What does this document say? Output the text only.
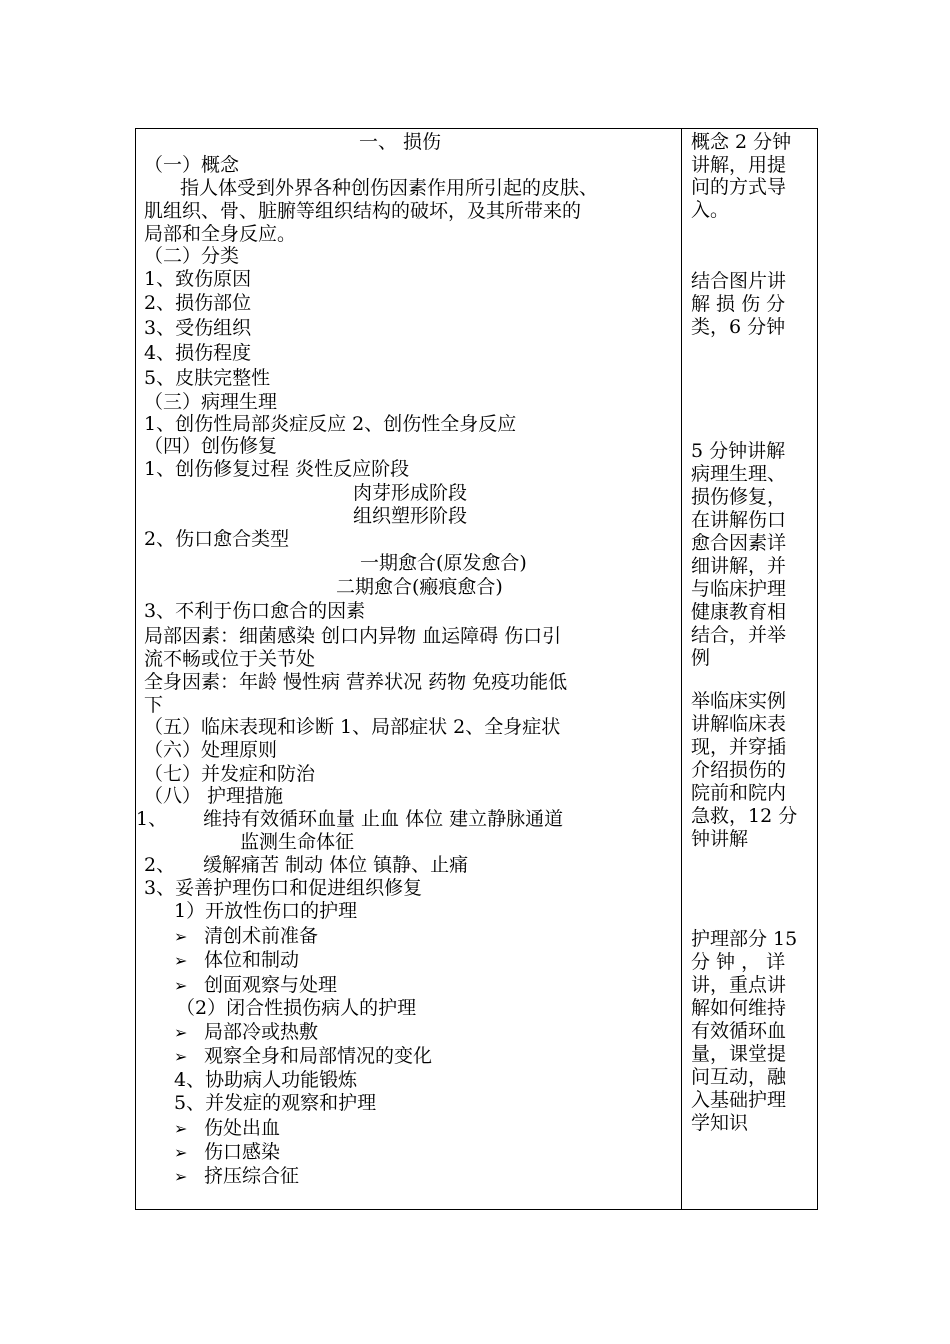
一、 损伤
（一）概念
指人体受到外界各种创伤因素作用所引起的皮肤、
肌组织、骨、脏腑等组织结构的破坏，及其所带来的
局部和全身反应。
（二）分类
1、致伤原因
2、损伤部位
3、受伤组织
4、损伤程度
5、皮肤完整性
（三）病理生理
1、创伤性局部炎症反应 2、创伤性全身反应
（四）创伤修复
1、创伤修复过程 炎性反应阶段
肉芽形成阶段
组织塑形阶段
2、伤口愈合类型
一期愈合(原发愈合)
二期愈合(瘢痕愈合)
3、不利于伤口愈合的因素
局部因素：细菌感染 创口内异物 血运障碍 伤口引
流不畅或位于关节处
全身因素：年龄 慢性病 营养状况 药物 免疫功能低
下
（五）临床表现和诊断 1、局部症状 2、全身症状
（六）处理原则
（七）并发症和防治
（八） 护理措施
1、 维持有效循环血量 止血 体位 建立静脉通道
监测生命体征
2、 缓解痛苦 制动 体位 镇静、止痛
3、妥善护理伤口和促进组织修复
1）开放性伤口的护理
➢ 清创术前准备
➢ 体位和制动
➢ 创面观察与处理
（2）闭合性损伤病人的护理
➢ 局部冷或热敷
➢ 观察全身和局部情况的变化
4、协助病人功能锻炼
5、并发症的观察和护理
➢ 伤处出血
➢ 伤口感染
➢ 挤压综合征
概念 2 分钟
讲解，用提
问的方式导
入。
结合图片讲
解 损 伤 分
类，6 分钟
5 分钟讲解
病理生理、
损伤修复，
在讲解伤口
愈合因素详
细讲解，并
与临床护理
健康教育相
结合，并举
例
举临床实例
讲解临床表
现，并穿插
介绍损伤的
院前和院内
急救，12 分
钟讲解
护理部分 15
分 钟 ， 详
讲，重点讲
解如何维持
有效循环血
量，课堂提
问互动，融
入基础护理
学知识
